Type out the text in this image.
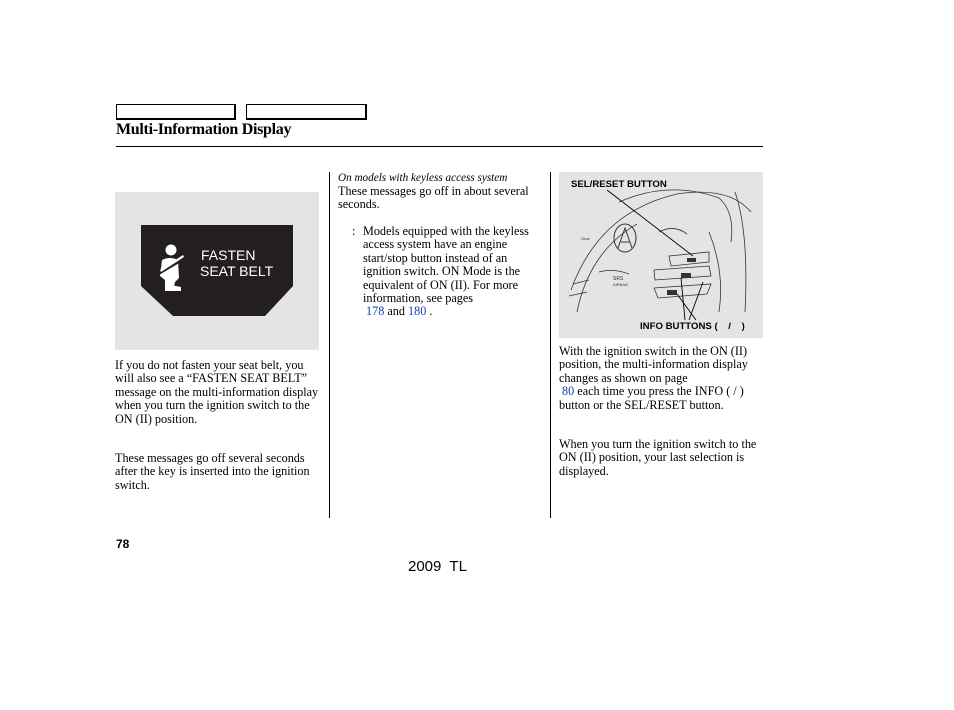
Multi-Information Display
FASTEN
SEAT BELT
If you do not fasten your seat belt, you will also see a “FASTEN SEAT BELT” message on the multi-information display when you turn the ignition switch to the ON (II) position.
These messages go off several seconds after the key is inserted into the ignition switch.
On models with keyless access system
These messages go off in about several seconds.
: Models equipped with the keyless access system have an engine start/stop button instead of an ignition switch. ON Mode is the equivalent of ON (II). For more information, see pages
178 and 180 .
Gear
SRS
AIRBAG
SEL/RESET BUTTON
INFO BUTTONS (    /    )
With the ignition switch in the ON (II) position, the multi-information display changes as shown on page
80 each time you press the INFO ( / ) button or the SEL/RESET button.
When you turn the ignition switch to the ON (II) position, your last selection is displayed.
78
2009  TL
